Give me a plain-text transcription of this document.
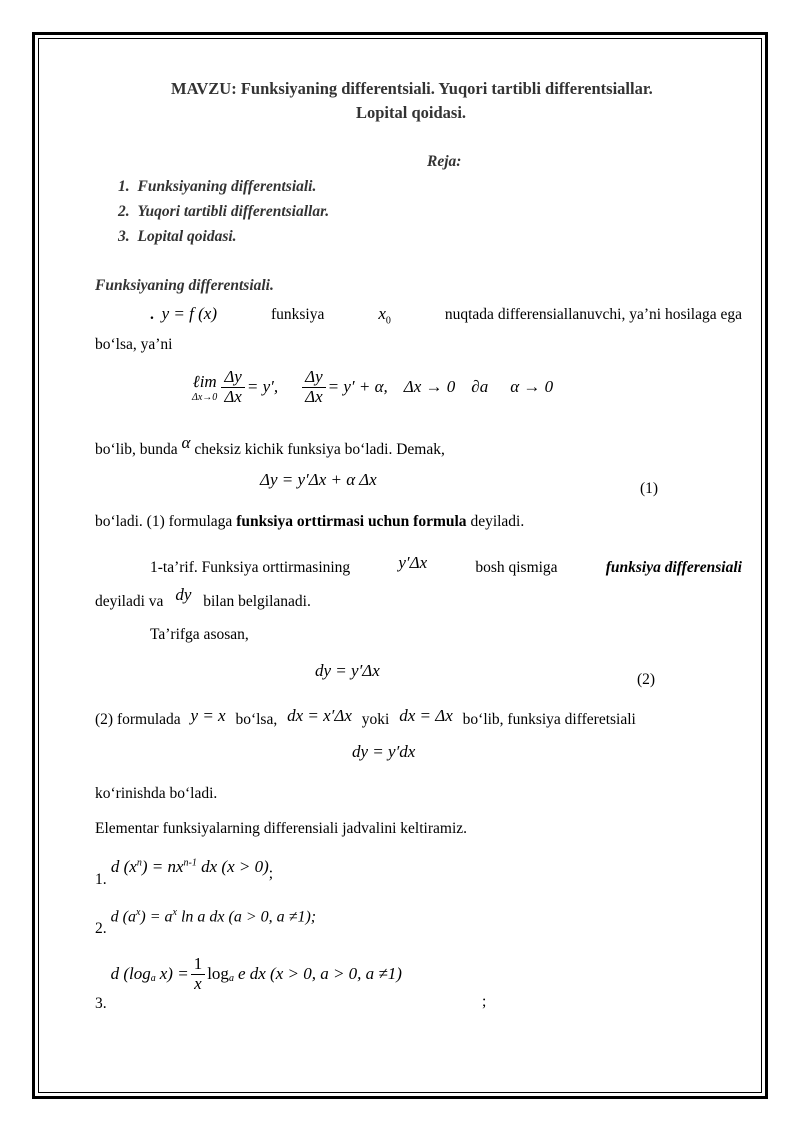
MAVZU: Funksiyaning differentsiali. Yuqori tartibli differentsiallar.
Lopital qoidasi.
Reja:
1. Funksiyaning differentsiali.
2. Yuqori tartibli differentsiallar.
3. Lopital qoidasi.
Funksiyaning differentsiali.
. y = f (x)	funksiya	$x_0$	nuqtada differensiallanuvchi, ya’ni hosilaga ega
bo‘lsa, ya’ni
ℓim
$\Delta x\to 0 \frac{\Delta y}{\Delta x} = y'$, $\frac{\Delta y}{\Delta x} = y' + \alpha$, Δx → 0 ∂a α → 0
bo‘lib, bunda α cheksiz kichik funksiya bo‘ladi. Demak,
Δy = y′Δx + α Δx	(1)
bo‘ladi. (1) formulaga funksiya orttirmasi uchun formula deyiladi.
1-ta’rif. Funksiya orttirmasining	y′Δx	bosh qismiga	funksiya differensiali
deyiladi va dy bilan belgilanadi.
Ta’rifga asosan,
dy = y′Δx	(2)
(2) formulada y = x bo‘lsa, dx = x′Δx yoki dx = Δx bo‘lib, funksiya differetsiali
dy = y′dx
ko‘rinishda bo‘ladi.
Elementar funksiyalarning differensiali jadvalini keltiramiz.
1. d $(x^n) = nx^{n-1}$ dx (x > 0);
2. d $(a^x) = a^x$ ln a dx (a > 0, a ≠1);
3.
d ($\log_a$ $x) = \frac{1}{x} \log_a e$ dx (x > 0, a > 0, a ≠1)
;
